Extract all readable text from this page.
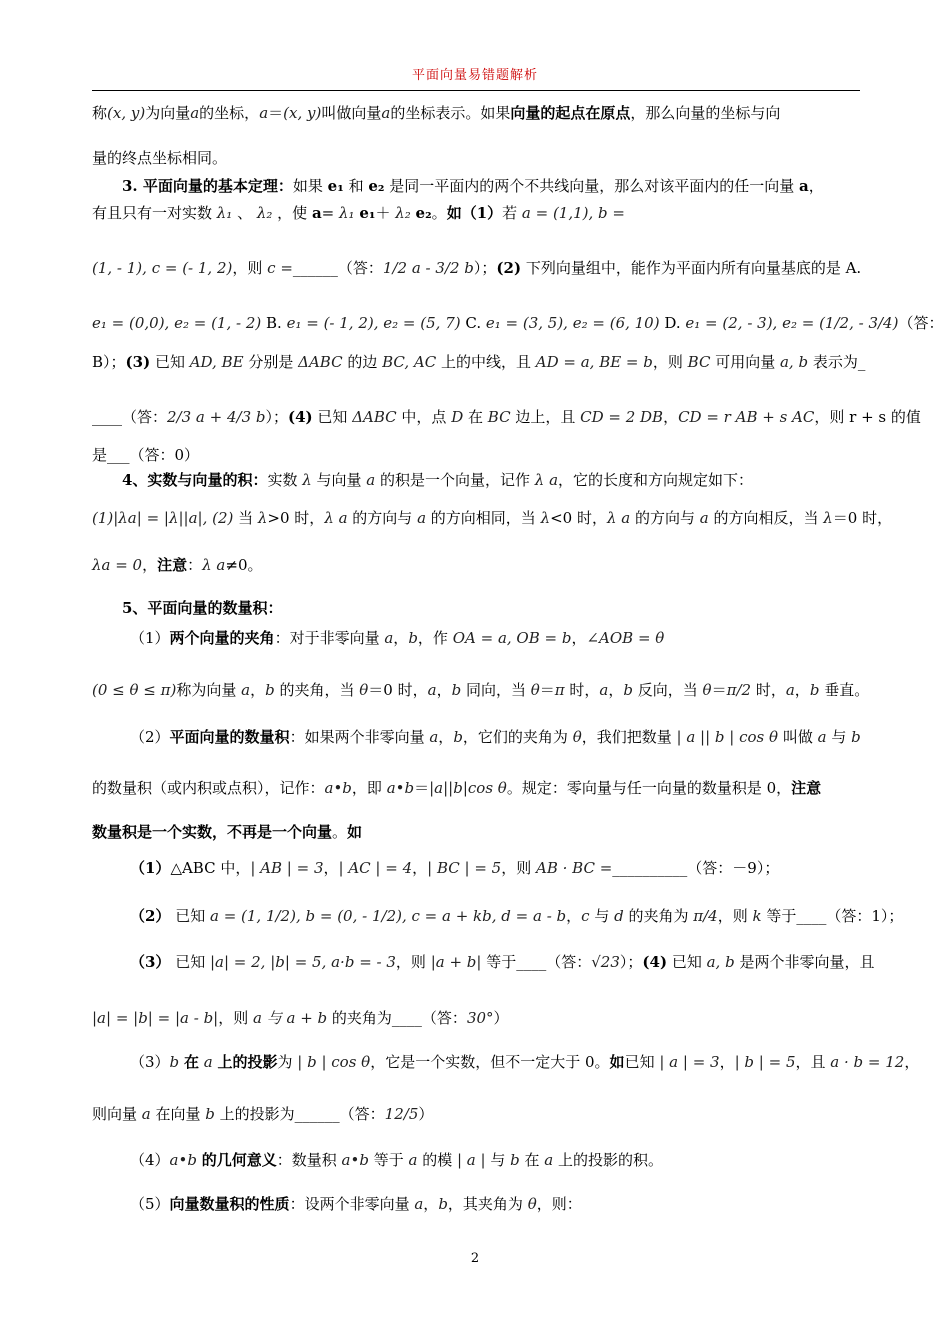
平面向量易错题解析
称(x, y)为向量a的坐标，a＝(x, y)叫做向量a的坐标表示。如果向量的起点在原点，那么向量的坐标与向
量的终点坐标相同。
3. 平面向量的基本定理：如果 e₁ 和 e₂ 是同一平面内的两个不共线向量，那么对该平面内的任一向量 a，
有且只有一对实数 λ₁ 、 λ₂ ，使 a= λ₁ e₁＋ λ₂ e₂。如（1）若 a = (1,1), b =
(1, - 1), c = (- 1, 2)，则 c =______（答：1/2 a - 3/2 b）；(2) 下列向量组中，能作为平面内所有向量基底的是 A.
e₁ = (0,0), e₂ = (1, - 2) B. e₁ = (- 1, 2), e₂ = (5, 7) C. e₁ = (3, 5), e₂ = (6, 10) D. e₁ = (2, - 3), e₂ = (1/2, - 3/4)（答：
B）；(3) 已知 AD, BE 分别是 ΔABC 的边 BC, AC 上的中线，且 AD = a, BE = b，则 BC 可用向量 a, b 表示为_
____（答：2/3 a + 4/3 b）；(4) 已知 ΔABC 中，点 D 在 BC 边上，且 CD = 2 DB，CD = r AB + s AC，则 r + s 的值
是___（答：0）
4、实数与向量的积：实数 λ 与向量 a 的积是一个向量，记作 λ a，它的长度和方向规定如下：
(1)|λa| = |λ||a|, (2) 当 λ>0 时，λ a 的方向与 a 的方向相同，当 λ<0 时，λ a 的方向与 a 的方向相反，当 λ＝0 时，
λa = 0，注意：λ a≠0。
5、平面向量的数量积：
（1）两个向量的夹角：对于非零向量 a，b，作 OA = a, OB = b，∠AOB = θ
(0 ≤ θ ≤ π)称为向量 a，b 的夹角，当 θ＝0 时，a，b 同向，当 θ＝π 时，a，b 反向，当 θ＝π/2 时，a，b 垂直。
（2）平面向量的数量积：如果两个非零向量 a，b，它们的夹角为 θ，我们把数量 | a || b | cos θ 叫做 a 与 b
的数量积（或内积或点积），记作：a•b，即 a•b＝|a||b|cos θ。规定：零向量与任一向量的数量积是 0，注意
数量积是一个实数，不再是一个向量。如
（1）△ABC 中，| AB | = 3，| AC | = 4，| BC | = 5，则 AB · BC =__________（答：－9）；
（2） 已知 a = (1, 1/2), b = (0, - 1/2), c = a + kb, d = a - b，c 与 d 的夹角为 π/4，则 k 等于____（答：1）；
（3） 已知 |a| = 2, |b| = 5, a·b = - 3，则 |a + b| 等于____（答：√23）；(4) 已知 a, b 是两个非零向量，且
|a| = |b| = |a - b|，则 a 与 a + b 的夹角为____（答：30°）
（3）b 在 a 上的投影为 | b | cos θ，它是一个实数，但不一定大于 0。如已知 | a | = 3，| b | = 5，且 a · b = 12，
则向量 a 在向量 b 上的投影为______（答：12/5）
（4）a•b 的几何意义：数量积 a•b 等于 a 的模 | a | 与 b 在 a 上的投影的积。
（5）向量数量积的性质：设两个非零向量 a，b，其夹角为 θ，则：
2
